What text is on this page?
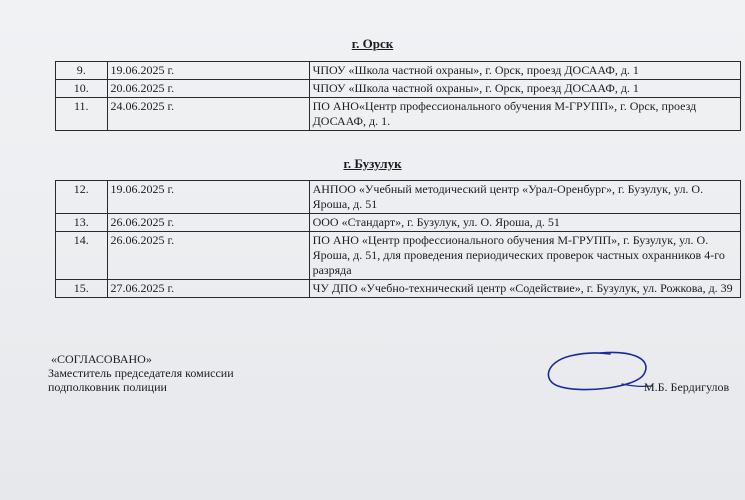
г. Орск
9.	19.06.2025 г.	ЧПОУ «Школа частной охраны», г. Орск, проезд ДОСААФ, д. 1
10.	20.06.2025 г.	ЧПОУ «Школа частной охраны», г. Орск, проезд ДОСААФ, д. 1
11.	24.06.2025 г.	ПО АНО«Центр профессионального обучения М-ГРУПП», г. Орск, проезд ДОСААФ, д. 1.
г. Бузулук
12.	19.06.2025 г.	АНПОО «Учебный методический центр «Урал-Оренбург», г. Бузулук, ул. О. Яроша, д. 51
13.	26.06.2025 г.	ООО «Стандарт», г. Бузулук, ул. О. Яроша, д. 51
14.	26.06.2025 г.	ПО АНО «Центр профессионального обучения М-ГРУПП», г. Бузулук, ул. О. Яроша, д. 51, для проведения периодических проверок частных охранников 4-го разряда
15.	27.06.2025 г.	ЧУ ДПО «Учебно-технический центр «Содействие», г. Бузулук, ул. Рожкова, д. 39
«СОГЛАСОВАНО»
Заместитель председателя комиссии
подполковник полиции	М.Б. Бердигулов
